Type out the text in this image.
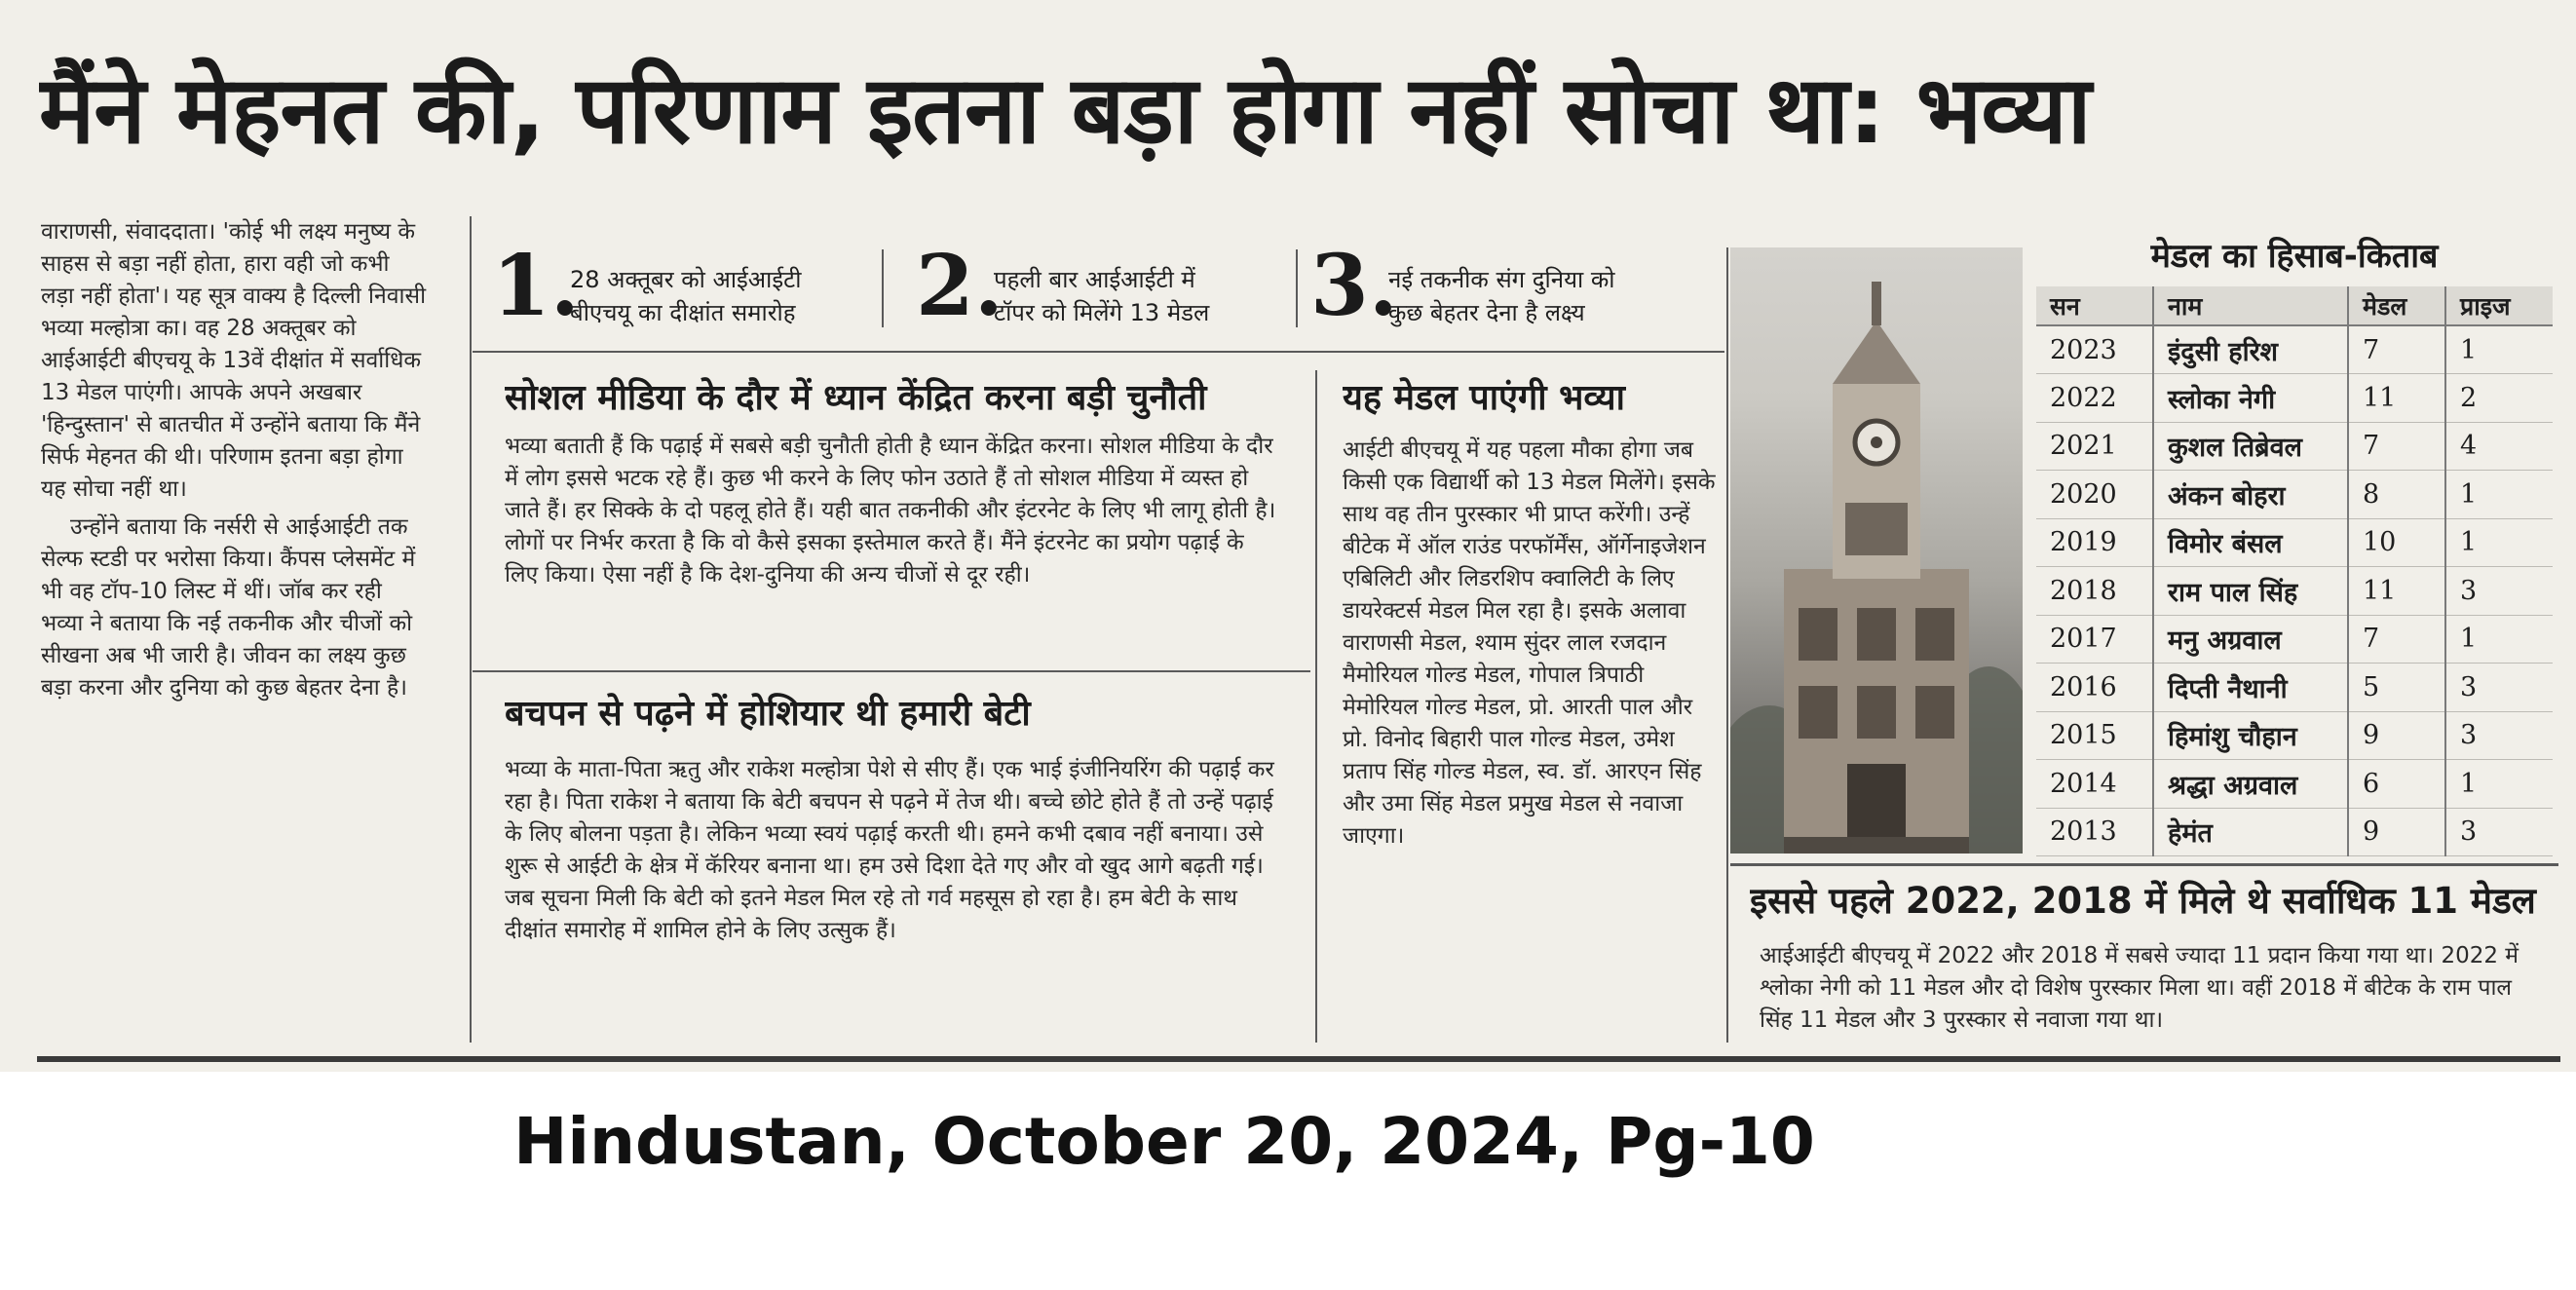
मैंने मेहनत की, परिणाम इतना बड़ा होगा नहीं सोचा था: भव्या

वाराणसी, संवाददाता। 'कोई भी लक्ष्य मनुष्य के साहस से बड़ा नहीं होता, हारा वही जो कभी लड़ा नहीं होता'। यह सूत्र वाक्य है दिल्ली निवासी भव्या मल्होत्रा का। वह 28 अक्तूबर को आईआईटी बीएचयू के 13वें दीक्षांत में सर्वाधिक 13 मेडल पाएंगी। आपके अपने अखबार 'हिन्दुस्तान' से बातचीत में उन्होंने बताया कि मैंने सिर्फ मेहनत की थी। परिणाम इतना बड़ा होगा यह सोचा नहीं था।

उन्होंने बताया कि नर्सरी से आईआईटी तक सेल्फ स्टडी पर भरोसा किया। कैंपस प्लेसमेंट में भी वह टॉप-10 लिस्ट में थीं। जॉब कर रही भव्या ने बताया कि नई तकनीक और चीजों को सीखना अब भी जारी है। जीवन का लक्ष्य कुछ बड़ा करना और दुनिया को कुछ बेहतर देना है।

1.
28 अक्तूबर को आईआईटी
बीएचयू का दीक्षांत समारोह 2.
पहली बार आईआईटी में
टॉपर को मिलेंगे 13 मेडल 3.
नई तकनीक संग दुनिया को
कुछ बेहतर देना है लक्ष्य
सोशल मीडिया के दौर में ध्यान केंद्रित करना बड़ी चुनौती
भव्या बताती हैं कि पढ़ाई में सबसे बड़ी चुनौती होती है ध्यान केंद्रित करना। सोशल मीडिया के दौर में लोग इससे भटक रहे हैं। कुछ भी करने के लिए फोन उठाते हैं तो सोशल मीडिया में व्यस्त हो जाते हैं। हर सिक्के के दो पहलू होते हैं। यही बात तकनीकी और इंटरनेट के लिए भी लागू होती है। लोगों पर निर्भर करता है कि वो कैसे इसका इस्तेमाल करते हैं। मैंने इंटरनेट का प्रयोग पढ़ाई के लिए किया। ऐसा नहीं है कि देश-दुनिया की अन्य चीजों से दूर रही।
बचपन से पढ़ने में होशियार थी हमारी बेटी
भव्या के माता-पिता ऋतु और राकेश मल्होत्रा पेशे से सीए हैं। एक भाई इंजीनियरिंग की पढ़ाई कर रहा है। पिता राकेश ने बताया कि बेटी बचपन से पढ़ने में तेज थी। बच्चे छोटे होते हैं तो उन्हें पढ़ाई के लिए बोलना पड़ता है। लेकिन भव्या स्वयं पढ़ाई करती थी। हमने कभी दबाव नहीं बनाया। उसे शुरू से आईटी के क्षेत्र में कॅरियर बनाना था। हम उसे दिशा देते गए और वो खुद आगे बढ़ती गई। जब सूचना मिली कि बेटी को इतने मेडल मिल रहे तो गर्व महसूस हो रहा है। हम बेटी के साथ दीक्षांत समारोह में शामिल होने के लिए उत्सुक हैं।
यह मेडल पाएंगी भव्या
आईटी बीएचयू में यह पहला मौका होगा जब किसी एक विद्यार्थी को 13 मेडल मिलेंगे। इसके साथ वह तीन पुरस्कार भी प्राप्त करेंगी। उन्हें बीटेक में ऑल राउंड परफॉर्मेंस, ऑर्गेनाइजेशन एबिलिटी और लिडरशिप क्वालिटी के लिए डायरेक्टर्स मेडल मिल रहा है। इसके अलावा वाराणसी मेडल, श्याम सुंदर लाल रजदान मैमोरियल गोल्ड मेडल, गोपाल त्रिपाठी मेमोरियल गोल्ड मेडल, प्रो. आरती पाल और प्रो. विनोद बिहारी पाल गोल्ड मेडल, उमेश प्रताप सिंह गोल्ड मेडल, स्व. डॉ. आरएन सिंह और उमा सिंह मेडल प्रमुख मेडल से नवाजा जाएगा।
मेडल का हिसाब-किताब
सन	नाम	मेडल	प्राइज
2023	इंदुसी हरिश	7	1
2022	स्लोका नेगी	11	2
2021	कुशल तिब्रेवल	7	4
2020	अंकन बोहरा	8	1
2019	विमोर बंसल	10	1
2018	राम पाल सिंह	11	3
2017	मनु अग्रवाल	7	1
2016	दिप्ती नैथानी	5	3
2015	हिमांशु चौहान	9	3
2014	श्रद्धा अग्रवाल	6	1
2013	हेमंत	9	3
इससे पहले 2022, 2018 में मिले थे सर्वाधिक 11 मेडल
आईआईटी बीएचयू में 2022 और 2018 में सबसे ज्यादा 11 प्रदान किया गया था। 2022 में श्लोका नेगी को 11 मेडल और दो विशेष पुरस्कार मिला था। वहीं 2018 में बीटेक के राम पाल सिंह 11 मेडल और 3 पुरस्कार से नवाजा गया था।
Hindustan, October 20, 2024, Pg-10
